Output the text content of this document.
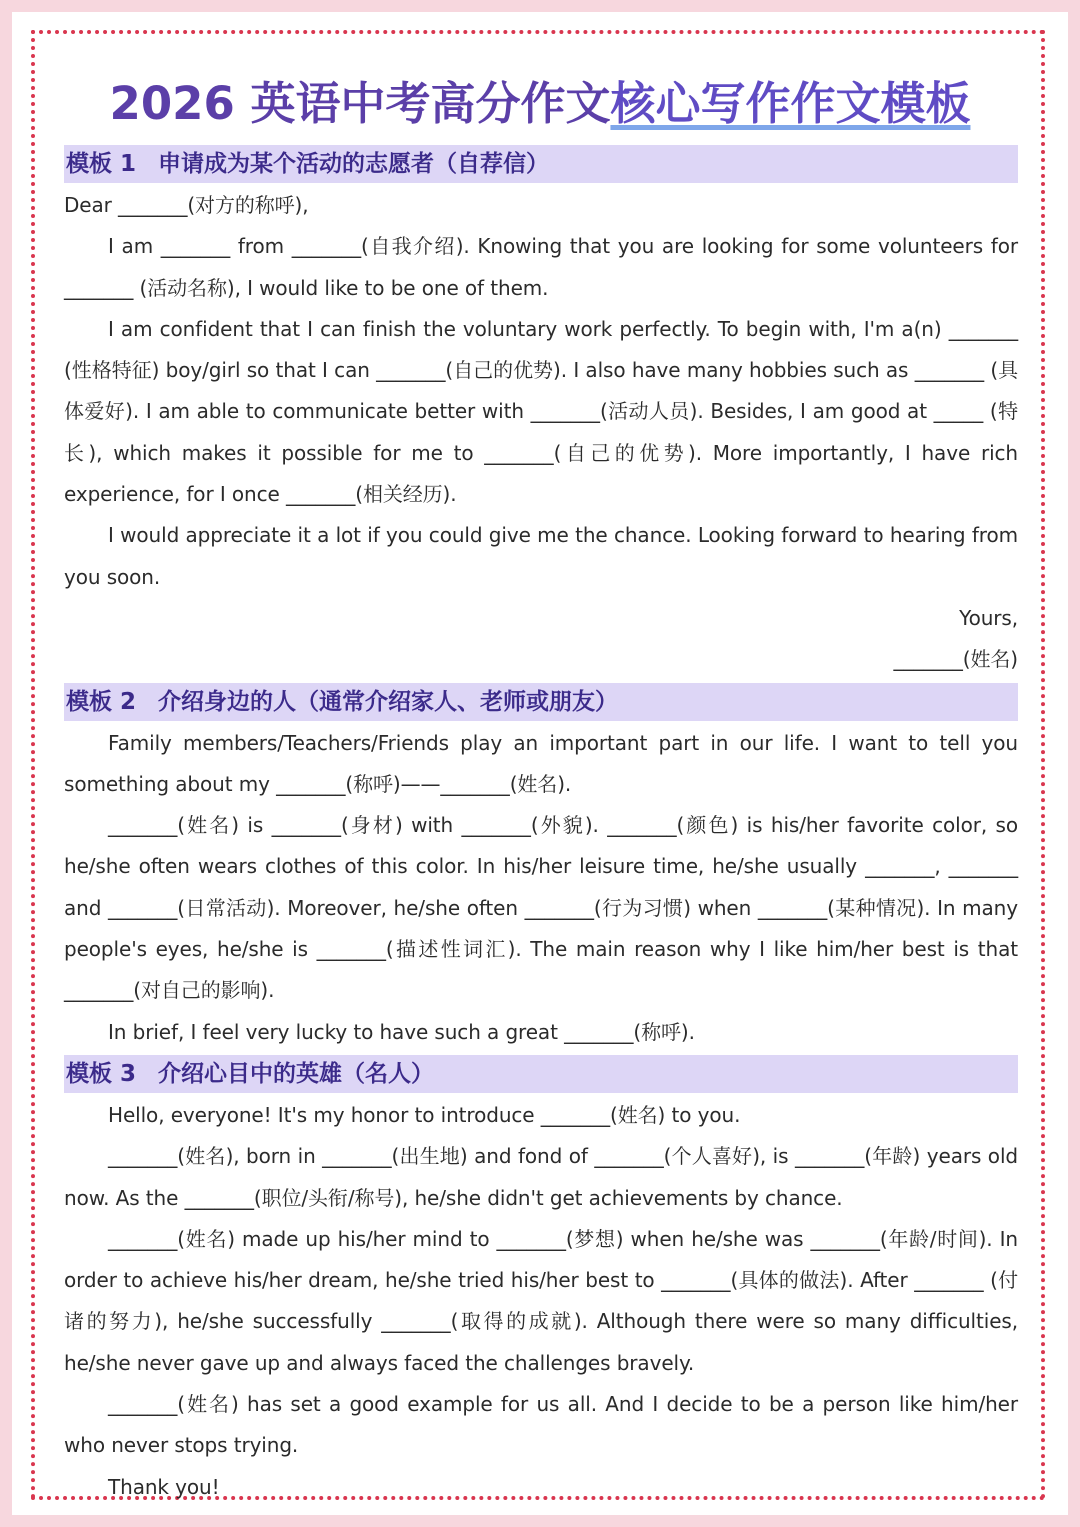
2026 英语中考高分作文核心写作作文模板
模板 1 申请成为某个活动的志愿者（自荐信）

Dear _______(对方的称呼),

I am _______ from _______(自我介绍). Knowing that you are looking for some volunteers for _______ (活动名称), I would like to be one of them.

I am confident that I can finish the voluntary work perfectly. To begin with, I'm a(n) _______ (性格特征) boy/girl so that I can _______(自己的优势). I also have many hobbies such as _______ (具体爱好). I am able to communicate better with _______(活动人员). Besides, I am good at _____ (特长), which makes it possible for me to _______(自己的优势). More importantly, I have rich experience, for I once _______(相关经历).

I would appreciate it a lot if you could give me the chance. Looking forward to hearing from you soon.

Yours,

_______(姓名)

模板 2 介绍身边的人（通常介绍家人、老师或朋友）

Family members/Teachers/Friends play an important part in our life. I want to tell you something about my _______(称呼)——_______(姓名).

_______(姓名) is _______(身材) with _______(外貌). _______(颜色) is his/her favorite color, so he/she often wears clothes of this color. In his/her leisure time, he/she usually _______, _______ and _______(日常活动). Moreover, he/she often _______(行为习惯) when _______(某种情况). In many people's eyes, he/she is _______(描述性词汇). The main reason why I like him/her best is that _______(对自己的影响).

In brief, I feel very lucky to have such a great _______(称呼).

模板 3 介绍心目中的英雄（名人）

Hello, everyone! It's my honor to introduce _______(姓名) to you.

_______(姓名), born in _______(出生地) and fond of _______(个人喜好), is _______(年龄) years old now. As the _______(职位/头衔/称号), he/she didn't get achievements by chance.

_______(姓名) made up his/her mind to _______(梦想) when he/she was _______(年龄/时间). In order to achieve his/her dream, he/she tried his/her best to _______(具体的做法). After _______ (付诸的努力), he/she successfully _______(取得的成就). Although there were so many difficulties, he/she never gave up and always faced the challenges bravely.

_______(姓名) has set a good example for us all. And I decide to be a person like him/her who never stops trying.

Thank you!
